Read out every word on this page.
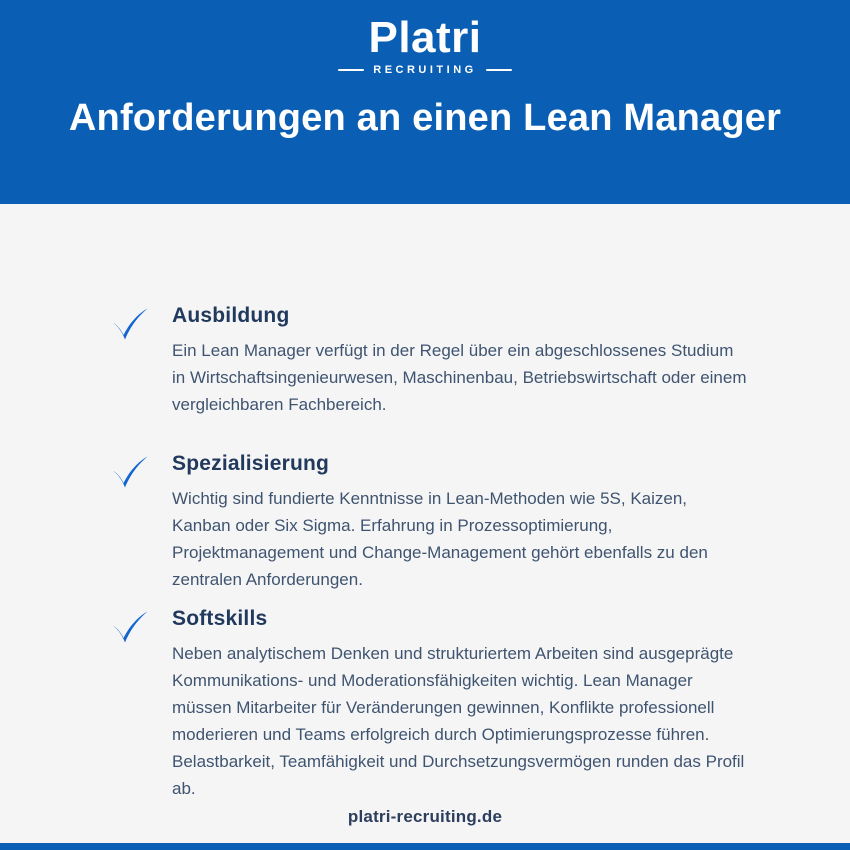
Platri
RECRUITING
Anforderungen an einen Lean Manager
Ausbildung
Ein Lean Manager verfügt in der Regel über ein abgeschlossenes Studium in Wirtschaftsingenieurwesen, Maschinenbau, Betriebswirtschaft oder einem vergleichbaren Fachbereich.
Spezialisierung
Wichtig sind fundierte Kenntnisse in Lean-Methoden wie 5S, Kaizen, Kanban oder Six Sigma. Erfahrung in Prozessoptimierung, Projektmanagement und Change-Management gehört ebenfalls zu den zentralen Anforderungen.
Softskills
Neben analytischem Denken und strukturiertem Arbeiten sind ausgeprägte Kommunikations- und Moderationsfähigkeiten wichtig. Lean Manager müssen Mitarbeiter für Veränderungen gewinnen, Konflikte professionell moderieren und Teams erfolgreich durch Optimierungsprozesse führen. Belastbarkeit, Teamfähigkeit und Durchsetzungsvermögen runden das Profil ab.
platri-recruiting.de
